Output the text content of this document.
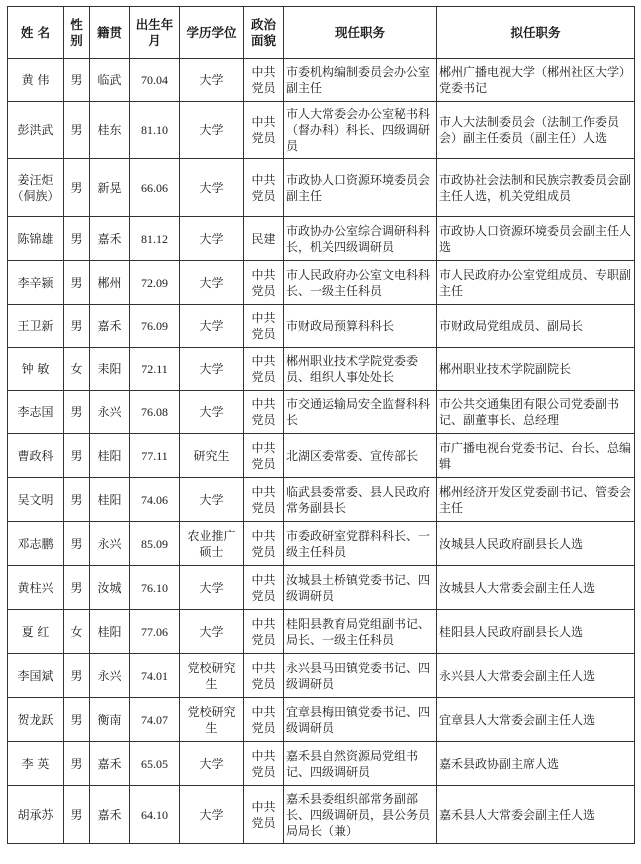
姓 名	性别	籍贯	出生年月	学历学位	政治面貌	现任职务	拟任职务
黄 伟	男	临武	70.04	大学	中共党员	市委机构编制委员会办公室副主任	郴州广播电视大学（郴州社区大学）党委书记
彭洪武	男	桂东	81.10	大学	中共党员	市人大常委会办公室秘书科（督办科）科长、四级调研员	市人大法制委员会（法制工作委员会）副主任委员（副主任）人选
姜汪炬（侗族）	男	新晃	66.06	大学	中共党员	市政协人口资源环境委员会副主任	市政协社会法制和民族宗教委员会副主任人选，机关党组成员
陈锦雄	男	嘉禾	81.12	大学	民建	市政协办公室综合调研科科长，机关四级调研员	市政协人口资源环境委员会副主任人选
李辛颍	男	郴州	72.09	大学	中共党员	市人民政府办公室文电科科长、一级主任科员	市人民政府办公室党组成员、专职副主任
王卫新	男	嘉禾	76.09	大学	中共党员	市财政局预算科科长	市财政局党组成员、副局长
钟 敏	女	耒阳	72.11	大学	中共党员	郴州职业技术学院党委委员、组织人事处处长	郴州职业技术学院副院长
李志国	男	永兴	76.08	大学	中共党员	市交通运输局安全监督科科长	市公共交通集团有限公司党委副书记、副董事长、总经理
曹政科	男	桂阳	77.11	研究生	中共党员	北湖区委常委、宣传部长	市广播电视台党委书记、台长、总编辑
吴文明	男	桂阳	74.06	大学	中共党员	临武县委常委、县人民政府常务副县长	郴州经济开发区党委副书记、管委会主任
邓志鹏	男	永兴	85.09	农业推广硕士	中共党员	市委政研室党群科科长、一级主任科员	汝城县人民政府副县长人选
黄柱兴	男	汝城	76.10	大学	中共党员	汝城县土桥镇党委书记、四级调研员	汝城县人大常委会副主任人选
夏 红	女	桂阳	77.06	大学	中共党员	桂阳县教育局党组副书记、局长、一级主任科员	桂阳县人民政府副县长人选
李国斌	男	永兴	74.01	党校研究生	中共党员	永兴县马田镇党委书记、四级调研员	永兴县人大常委会副主任人选
贺龙跃	男	衡南	74.07	党校研究生	中共党员	宜章县梅田镇党委书记、四级调研员	宜章县人大常委会副主任人选
李 英	男	嘉禾	65.05	大学	中共党员	嘉禾县自然资源局党组书记、四级调研员	嘉禾县政协副主席人选
胡承苏	男	嘉禾	64.10	大学	中共党员	嘉禾县委组织部常务副部长、四级调研员，县公务员局局长（兼）	嘉禾县人大常委会副主任人选
